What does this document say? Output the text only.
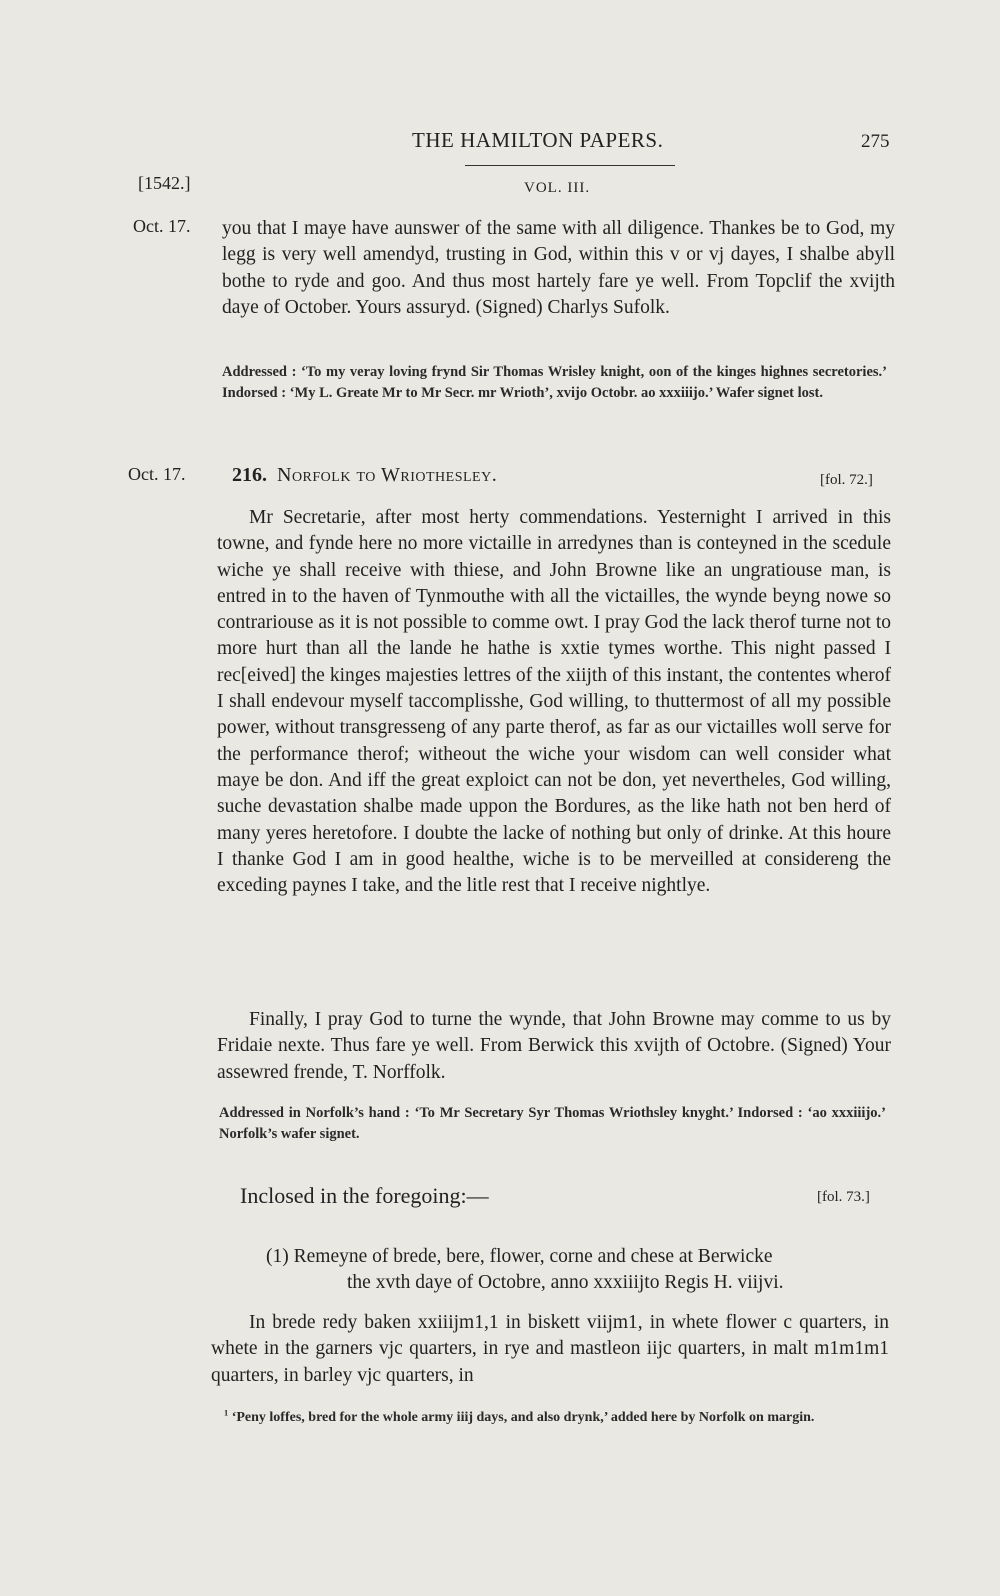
THE HAMILTON PAPERS.	275
[1542.]	VOL. III.
Oct. 17. you that I maye have aunswer of the same with all diligence. Thankes be to God, my legg is very well amendyd, trusting in God, within this v or vj dayes, I shalbe abyll bothe to ryde and goo. And thus most hartely fare ye well. From Topclif the xvijth daye of October. Yours assuryd. (Signed) Charlys Sufolk.

Addressed : ‘To my veray loving frynd Sir Thomas Wrisley knight, oon of the kinges highnes secretories.’ Indorsed : ‘My L. Greate Mr to Mr Secr. mr Wrioth’, xvijo Octobr. ao xxxiiijo.’ Wafer signet lost.

Oct. 17. 216. Norfolk to Wriothesley.	[fol. 72.]

Mr Secretarie, after most herty commendations. Yesternight I arrived in this towne, and fynde here no more victaille in arredynes than is conteyned in the scedule wiche ye shall receive with thiese, and John Browne like an ungratiouse man, is entred in to the haven of Tynmouthe with all the victailles, the wynde beyng nowe so contrariouse as it is not possible to comme owt. I pray God the lack therof turne not to more hurt than all the lande he hathe is xxtie tymes worthe. This night passed I rec[eived] the kinges majesties lettres of the xiijth of this instant, the contentes wherof I shall endevour myself taccomplisshe, God willing, to thuttermost of all my possible power, without transgresseng of any parte therof, as far as our victailles woll serve for the performance therof; witheout the wiche your wisdom can well consider what maye be don. And iff the great exploict can not be don, yet nevertheles, God willing, suche devastation shalbe made uppon the Bordures, as the like hath not ben herd of many yeres heretofore. I doubte the lacke of nothing but only of drinke. At this houre I thanke God I am in good healthe, wiche is to be merveilled at considereng the exceding paynes I take, and the litle rest that I receive nightlye.

Finally, I pray God to turne the wynde, that John Browne may comme to us by Fridaie nexte. Thus fare ye well. From Berwick this xvijth of Octobre. (Signed) Your assewred frende, T. Norffolk.

Addressed in Norfolk’s hand : ‘To Mr Secretary Syr Thomas Wriothsley knyght.’ Indorsed : ‘ao xxxiiijo.’ Norfolk’s wafer signet.

Inclosed in the foregoing:—	[fol. 73.]
(1) Remeyne of brede, bere, flower, corne and chese at Berwicke
the xvth daye of Octobre, anno xxxiiijto Regis H. viijvi.

In brede redy baken xxiiijm1,1 in biskett viijm1, in whete flower c quarters, in whete in the garners vjc quarters, in rye and mastleon iijc quarters, in malt m1m1m1 quarters, in barley vjc quarters, in

$^1$ ‘Peny loffes, bred for the whole army iiij days, and also drynk,’ added here by Norfolk on margin.
